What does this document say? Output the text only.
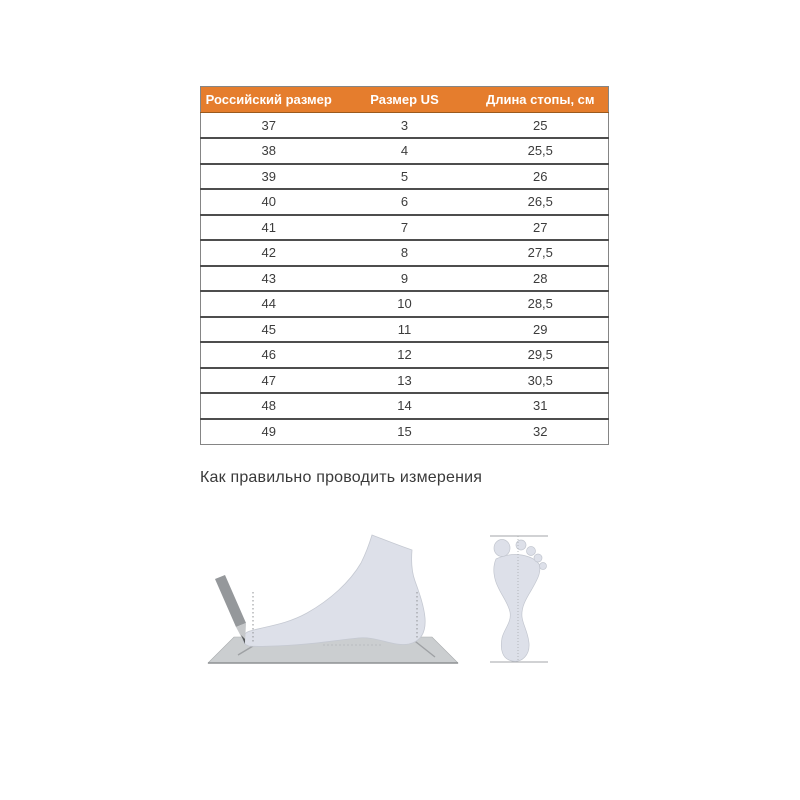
Российский размер	Размер US	Длина стопы, см
37	3	25
38	4	25,5
39	5	26
40	6	26,5
41	7	27
42	8	27,5
43	9	28
44	10	28,5
45	11	29
46	12	29,5
47	13	30,5
48	14	31
49	15	32
Как правильно проводить измерения
